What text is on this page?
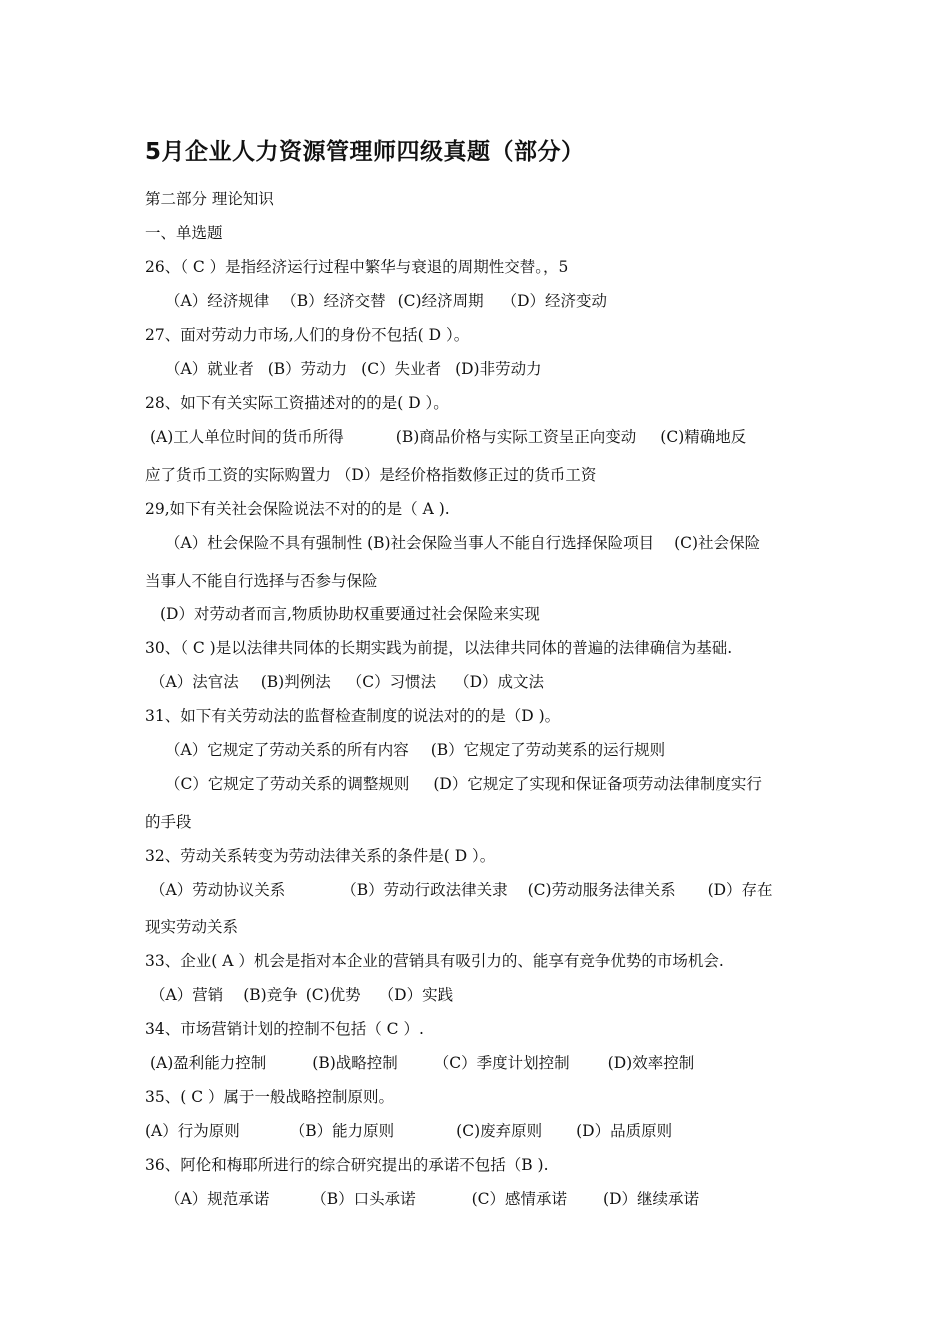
5月企业人力资源管理师四级真题（部分）
第二部分 理论知识
一、单选题
26、（ C ）是指经济运行过程中繁华与衰退的周期性交替。，5
（A）经济规律 （B）经济交替 (C)经济周期 （D）经济变动
27、面对劳动力市场,人们的身份不包括( D ）。
（A）就业者 (B）劳动力 (C）失业者 (D)非劳动力
28、如下有关实际工资描述对的的是( D ）。
(A)工人单位时间的货币所得	(B)商品价格与实际工资呈正向变动 (C)精确地反
应了货币工资的实际购置力 （D）是经价格指数修正过的货币工资
29,如下有关社会保险说法不对的的是（ A ).
（A）杜会保险不具有强制性 (B)社会保险当事人不能自行选择保险项目 (C)社会保险
当事人不能自行选择与否参与保险
(D）对劳动者而言,物质协助权重要通过社会保险来实现
30、（ C )是以法律共同体的长期实践为前提，以法律共同体的普遍的法律确信为基础.
（A）法官法 (B)判例法 （C）习惯法 （D）成文法
31、如下有关劳动法的监督检查制度的说法对的的是（D )。
（A）它规定了劳动关系的所有内容 (B）它规定了劳动荚系的运行规则
（C）它规定了劳动关系的调整规则 (D）它规定了实现和保证备项劳动法律制度实行
的手段
32、劳动关系转变为劳动法律关系的条件是( D ）。
（A）劳动协议关系	（B）劳动行政法律关隶 (C)劳动服务法律关系 (D）存在
现实劳动关系
33、企业( A ）机会是指对本企业的营销具有吸引力的、能享有竞争优势的市场机会.
（A）营销 (B)竞争 (C)优势 （D）实践
34、市场营销计划的控制不包括（ C ）.
(A)盈利能力控制	(B)战略控制 （C）季度计划控制 (D)效率控制
35、( C ）属于一般战略控制原则。
(A）行为原则	（B）能力原则	(C)废弃原则 (D）品质原则
36、阿伦和梅耶所进行的综合研究提出的承诺不包括（B ).
（A）规范承诺	（B）口头承诺	(C）感情承诺 (D）继续承诺
